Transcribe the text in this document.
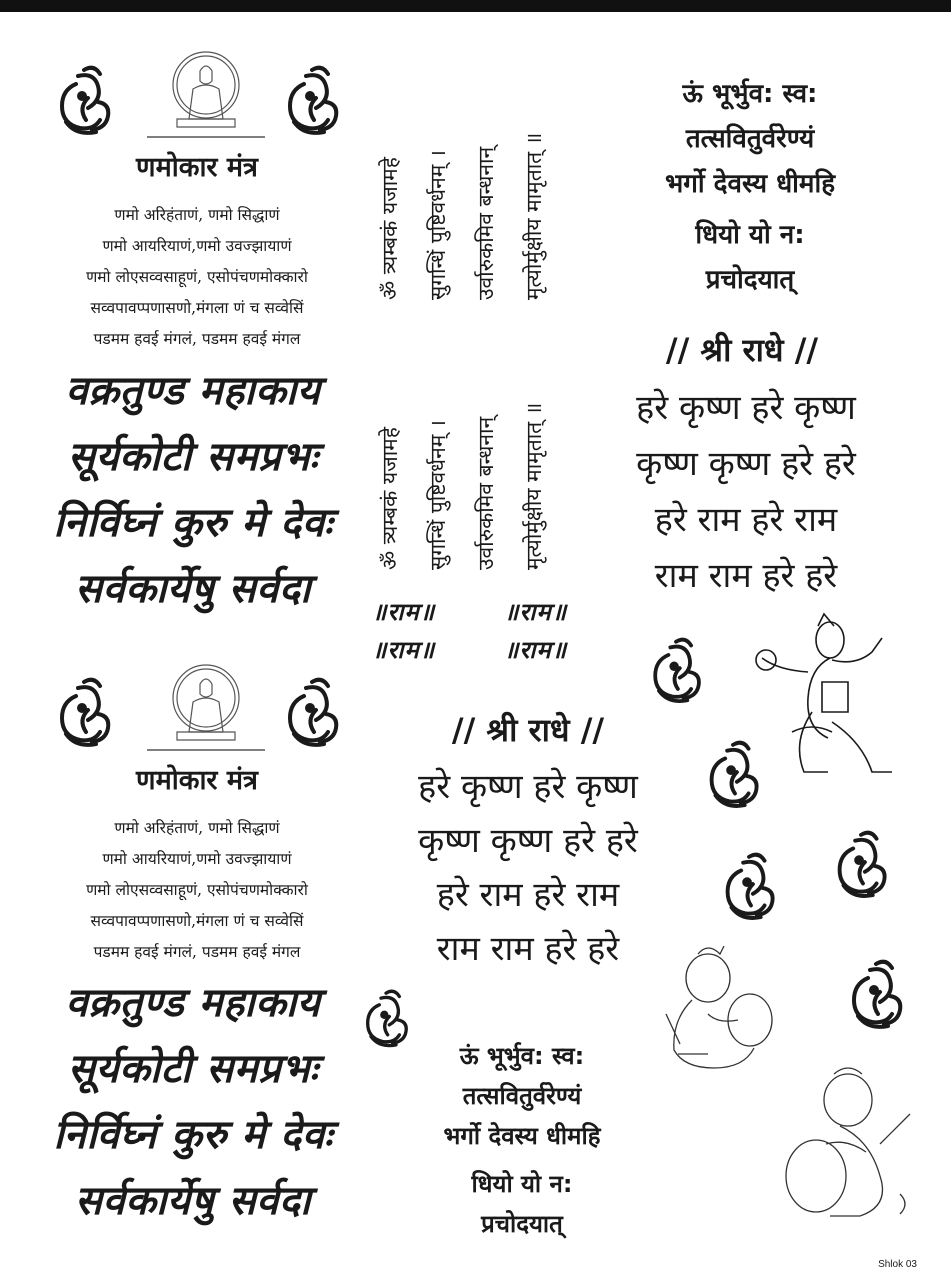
णमोकार मंत्र
णमो अरिहंताणं, णमो सिद्धाणं
णमो आयरियाणं,णमो उवज्झायाणं
णमो लोएसव्वसाहूणं, एसोपंचणमोक्कारो
सव्वपावप्पणासणो,मंगला णं च सव्वेसिं
पडमम हवई मंगलं, पडमम हवई मंगल
वक्रतुण्ड महाकाय
सूर्यकोटी समप्रभः
निर्विघ्नं कुरु मे देवः
सर्वकार्येषु सर्वदा
ॐ त्र्यम्बकं यजामहे सुगन्धिं पुष्टिवर्धनम् । उर्वारुकमिव बन्धनान् मृत्योर्मुक्षीय मामृतात् ॥
ॐ त्र्यम्बकं यजामहे सुगन्धिं पुष्टिवर्धनम् । उर्वारुकमिव बन्धनान् मृत्योर्मुक्षीय मामृतात् ॥
॥राम॥	॥राम॥
॥राम॥	॥राम॥
ऊं भूर्भुव: स्व:
तत्सवितुर्वरेण्यं
भर्गो देवस्य धीमहि
धियो यो न:
प्रचोदयात्
// श्री राधे //
हरे कृष्ण हरे कृष्ण
कृष्ण कृष्ण हरे हरे
हरे राम हरे राम
राम राम हरे हरे
णमोकार मंत्र
णमो अरिहंताणं, णमो सिद्धाणं
णमो आयरियाणं,णमो उवज्झायाणं
णमो लोएसव्वसाहूणं, एसोपंचणमोक्कारो
सव्वपावप्पणासणो,मंगला णं च सव्वेसिं
पडमम हवई मंगलं, पडमम हवई मंगल
वक्रतुण्ड महाकाय
सूर्यकोटी समप्रभः
निर्विघ्नं कुरु मे देवः
सर्वकार्येषु सर्वदा
// श्री राधे //
हरे कृष्ण हरे कृष्ण
कृष्ण कृष्ण हरे हरे
हरे राम हरे राम
राम राम हरे हरे
ऊं भूर्भुव: स्व:
तत्सवितुर्वरेण्यं
भर्गो देवस्य धीमहि
धियो यो न:
प्रचोदयात्
Shlok 03
